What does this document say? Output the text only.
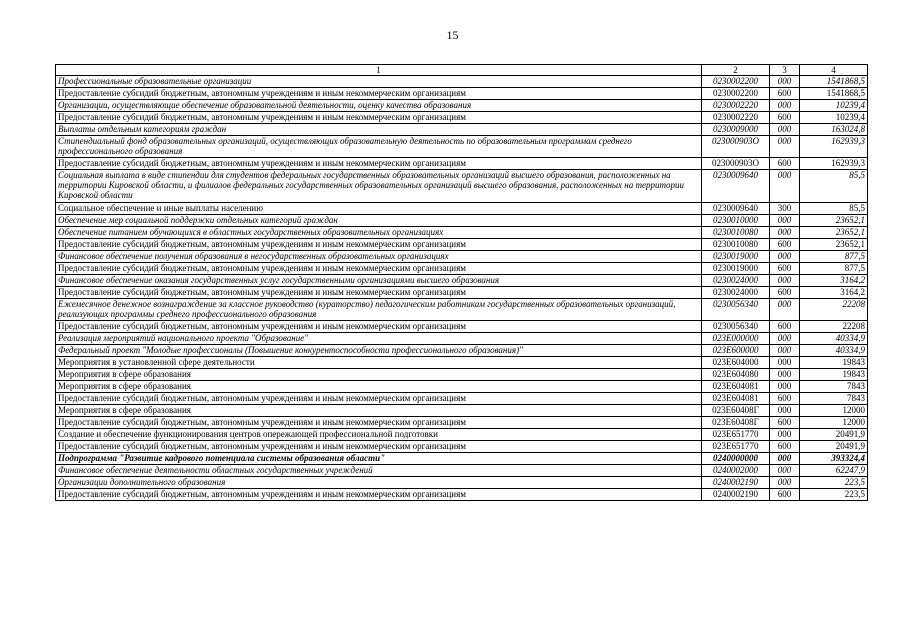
15
1	2	3	4
Профессиональные образовательные организации	0230002200	000	1541868,5
Предоставление субсидий бюджетным, автономным учреждениям и иным некоммерческим организациям	0230002200	600	1541868,5
Организации, осуществляющие обеспечение образовательной деятельности, оценку качества образования	0230002220	000	10239,4
Предоставление субсидий бюджетным, автономным учреждениям и иным некоммерческим организациям	0230002220	600	10239,4
Выплаты отдельным категориям граждан	0230009000	000	163024,8
Стипендиальный фонд образовательных организаций, осуществляющих образовательную деятельность по образовательным программам среднего профессионального образования	023000903О	000	162939,3
Предоставление субсидий бюджетным, автономным учреждениям и иным некоммерческим организациям	023000903О	600	162939,3
Социальная выплата в виде стипендии для студентов федеральных государственных образовательных организаций высшего образования, расположенных на территории Кировской области, и филиалов федеральных государственных образовательных организаций высшего образования, расположенных на территории Кировской области	0230009640	000	85,5
Социальное обеспечение и иные выплаты населению	0230009640	300	85,5
Обеспечение мер социальной поддержки отдельных категорий граждан	0230010000	000	23652,1
Обеспечение питанием обучающихся в областных государственных образовательных организациях	0230010080	000	23652,1
Предоставление субсидий бюджетным, автономным учреждениям и иным некоммерческим организациям	0230010080	600	23652,1
Финансовое обеспечение получения образования в негосударственных образовательных организациях	0230019000	000	877,5
Предоставление субсидий бюджетным, автономным учреждениям и иным некоммерческим организациям	0230019000	600	877,5
Финансовое обеспечение оказания государственных услуг государственными организациями высшего образования	0230024000	000	3164,2
Предоставление субсидий бюджетным, автономным учреждениям и иным некоммерческим организациям	0230024000	600	3164,2
Ежемесячное денежное вознаграждение за классное руководство (кураторство) педагогическим работникам государственных образовательных организаций, реализующих программы среднего профессионального образования	0230056340	000	22208
Предоставление субсидий бюджетным, автономным учреждениям и иным некоммерческим организациям	0230056340	600	22208
Реализация мероприятий национального проекта "Образование"	023Е000000	000	40334,9
Федеральный проект "Молодые профессионалы (Повышение конкурентоспособности профессионального образования)"	023Е600000	000	40334,9
Мероприятия в установленной сфере деятельности	023Е604000	000	19843
Мероприятия в сфере образования	023Е604080	000	19843
Мероприятия в сфере образования	023Е604081	000	7843
Предоставление субсидий бюджетным, автономным учреждениям и иным некоммерческим организациям	023Е604081	600	7843
Мероприятия в сфере образования	023Е60408Г	000	12000
Предоставление субсидий бюджетным, автономным учреждениям и иным некоммерческим организациям	023Е60408Г	600	12000
Создание и обеспечение функционирования центров опережающей профессиональной подготовки	023Е651770	000	20491,9
Предоставление субсидий бюджетным, автономным учреждениям и иным некоммерческим организациям	023Е651770	600	20491,9
Подпрограмма "Развитие кадрового потенциала системы образования области"	0240000000	000	393324,4
Финансовое обеспечение деятельности областных государственных учреждений	0240002000	000	62247,9
Организации дополнительного образования	0240002190	000	223,5
Предоставление субсидий бюджетным, автономным учреждениям и иным некоммерческим организациям	0240002190	600	223,5
